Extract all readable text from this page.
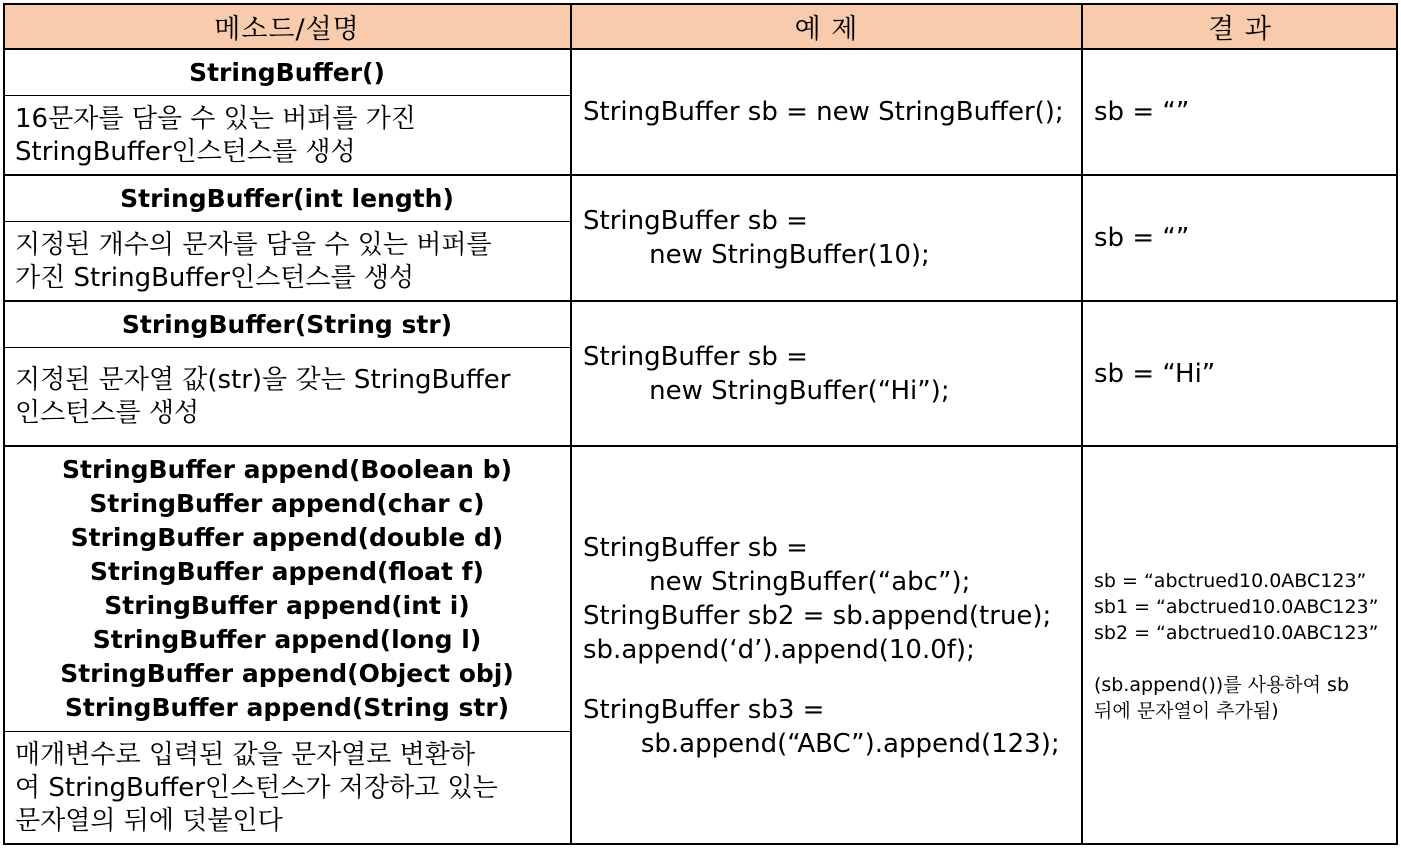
메소드/설명	예 제	결 과
StringBuffer()
16문자를 담을 수 있는 버퍼를 가진
StringBuffer인스턴스를 생성
StringBuffer sb = new StringBuffer(); sb = “”
StringBuffer(int length)
지정된 개수의 문자를 담을 수 있는 버퍼를
가진 StringBuffer인스턴스를 생성
StringBuffer sb =
new StringBuffer(10);
sb = “”
StringBuffer(String str)
지정된 문자열 값(str)을 갖는 StringBuffer
인스턴스를 생성
StringBuffer sb =
new StringBuffer(“Hi”);
sb = “Hi”
StringBuffer append(Boolean b)
StringBuffer append(char c)
StringBuffer append(double d)
StringBuffer append(float f)
StringBuffer append(int i)
StringBuffer append(long l)
StringBuffer append(Object obj)
StringBuffer append(String str)
매개변수로 입력된 값을 문자열로 변환하
여 StringBuffer인스턴스가 저장하고 있는
문자열의 뒤에 덧붙인다
StringBuffer sb =
new StringBuffer(“abc”);
StringBuffer sb2 = sb.append(true);
sb.append(‘d’).append(10.0f);
StringBuffer sb3 =
sb.append(“ABC”).append(123);
sb = “abctrued10.0ABC123”
sb1 = “abctrued10.0ABC123”
sb2 = “abctrued10.0ABC123”
(sb.append())를 사용하여 sb
뒤에 문자열이 추가됨)
